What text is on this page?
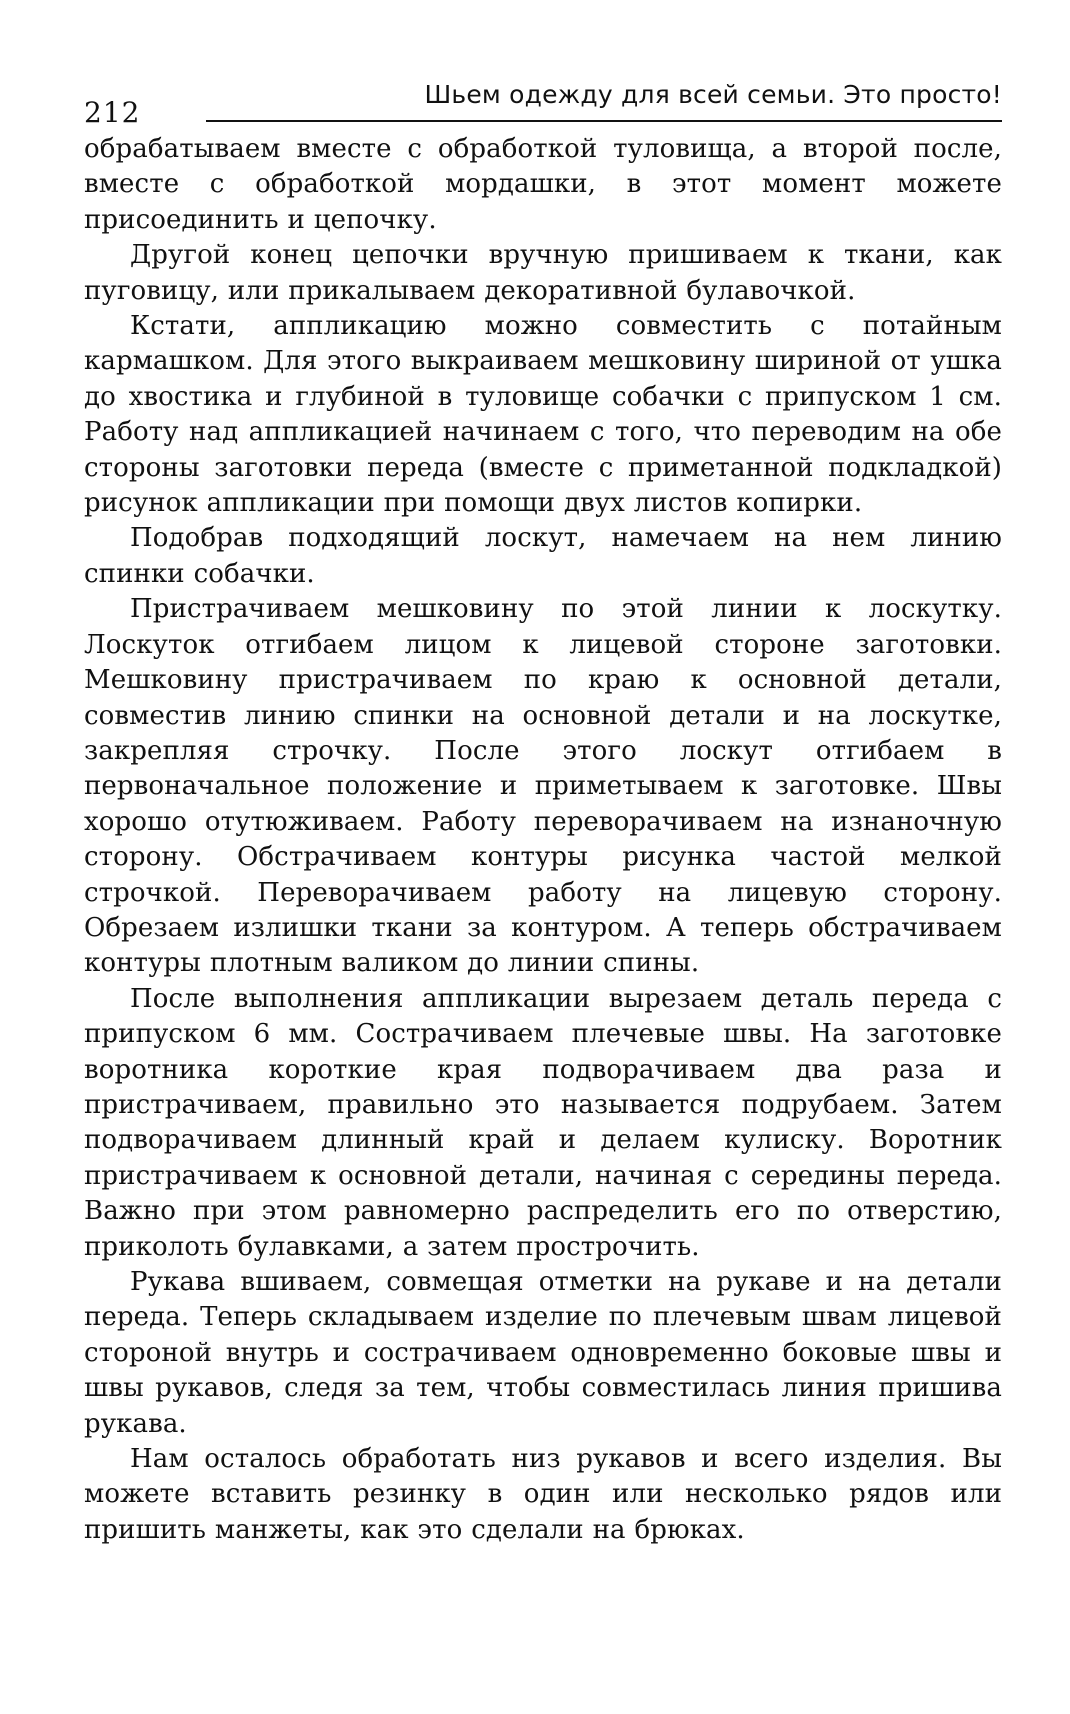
212
Шьем одежду для всей семьи. Это просто!

обрабатываем вместе с обработкой туловища, а второй после, вместе с обработкой мордашки, в этот момент можете присоединить и цепочку.

Другой конец цепочки вручную пришиваем к ткани, как пуговицу, или прикалываем декоративной булавочкой.

Кстати, аппликацию можно совместить с потайным кармашком. Для этого выкраиваем мешковину шириной от ушка до хвостика и глубиной в туловище собачки с припуском 1 см. Работу над аппликацией начинаем с того, что переводим на обе стороны заготовки переда (вместе с приметанной подкладкой) рисунок аппликации при помощи двух листов копирки.

Подобрав подходящий лоскут, намечаем на нем линию спинки собачки.

Пристрачиваем мешковину по этой линии к лоскутку. Лоскуток отгибаем лицом к лицевой стороне заготовки. Мешковину пристрачиваем по краю к основной детали, совместив линию спинки на основной детали и на лоскутке, закрепляя строчку. После этого лоскут отгибаем в первоначальное положение и приметываем к заготовке. Швы хорошо отутюживаем. Работу переворачиваем на изнаночную сторону. Обстрачиваем контуры рисунка частой мелкой строчкой. Переворачиваем работу на лицевую сторону. Обрезаем излишки ткани за контуром. А теперь обстрачиваем контуры плотным валиком до линии спины.

После выполнения аппликации вырезаем деталь переда с припуском 6 мм. Сострачиваем плечевые швы. На заготовке воротника короткие края подворачиваем два раза и пристрачиваем, правильно это называется подрубаем. Затем подворачиваем длинный край и делаем кулиску. Воротник пристрачиваем к основной детали, начиная с середины переда. Важно при этом равномерно распределить его по отверстию, приколоть булавками, а затем прострочить.

Рукава вшиваем, совмещая отметки на рукаве и на детали переда. Теперь складываем изделие по плечевым швам лицевой стороной внутрь и сострачиваем одновременно боковые швы и швы рукавов, следя за тем, чтобы совместилась линия пришива рукава.

Нам осталось обработать низ рукавов и всего изделия. Вы можете вставить резинку в один или несколько рядов или пришить манжеты, как это сделали на брюках.
